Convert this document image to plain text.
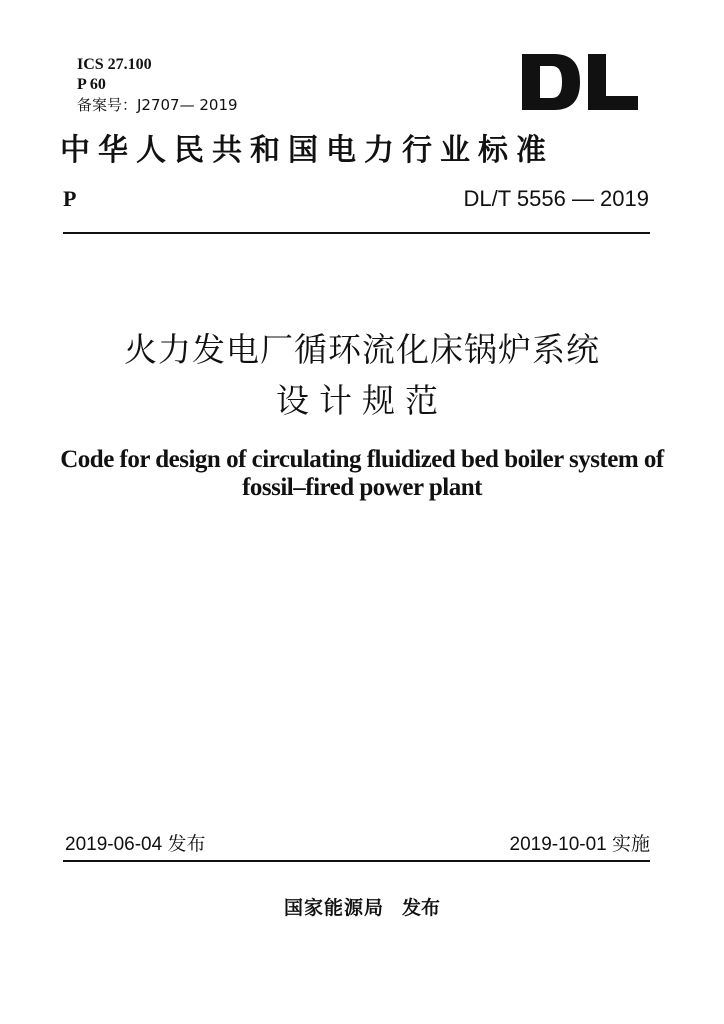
ICS 27.100
P 60
备案号：J2707— 2019
中华人民共和国电力行业标准
P	DL/T 5556 — 2019
火力发电厂循环流化床锅炉系统
设计规范
Code for design of circulating fluidized bed boiler system of
fossil–fired power plant
2019-06-04 发布	2019-10-01 实施
国家能源局 发布
